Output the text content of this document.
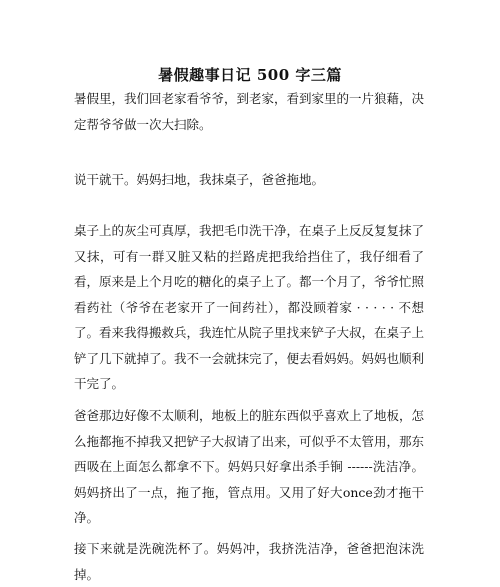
暑假趣事日记 500 字三篇

暑假里，我们回老家看爷爷，到老家，看到家里的一片狼藉，决定帮爷爷做一次大扫除。

说干就干。妈妈扫地，我抹桌子，爸爸拖地。

桌子上的灰尘可真厚，我把毛巾洗干净，在桌子上反反复复抹了又抹，可有一群又脏又粘的拦路虎把我给挡住了，我仔细看了看，原来是上个月吃的糖化的桌子上了。都一个月了，爷爷忙照看药社（爷爷在老家开了一间药社），都没顾着家 · · · · · 不想了。看来我得搬救兵，我连忙从院子里找来铲子大叔，在桌子上铲了几下就掉了。我不一会就抹完了，便去看妈妈。妈妈也顺利干完了。

爸爸那边好像不太顺利，地板上的脏东西似乎喜欢上了地板，怎么拖都拖不掉我又把铲子大叔请了出来，可似乎不太管用，那东西吸在上面怎么都拿不下。妈妈只好拿出杀手锏 ------洗洁净。妈妈挤出了一点，拖了拖，管点用。又用了好大once劲才拖干净。

接下来就是洗碗洗杯了。妈妈冲，我挤洗洁净，爸爸把泡沫洗掉。
